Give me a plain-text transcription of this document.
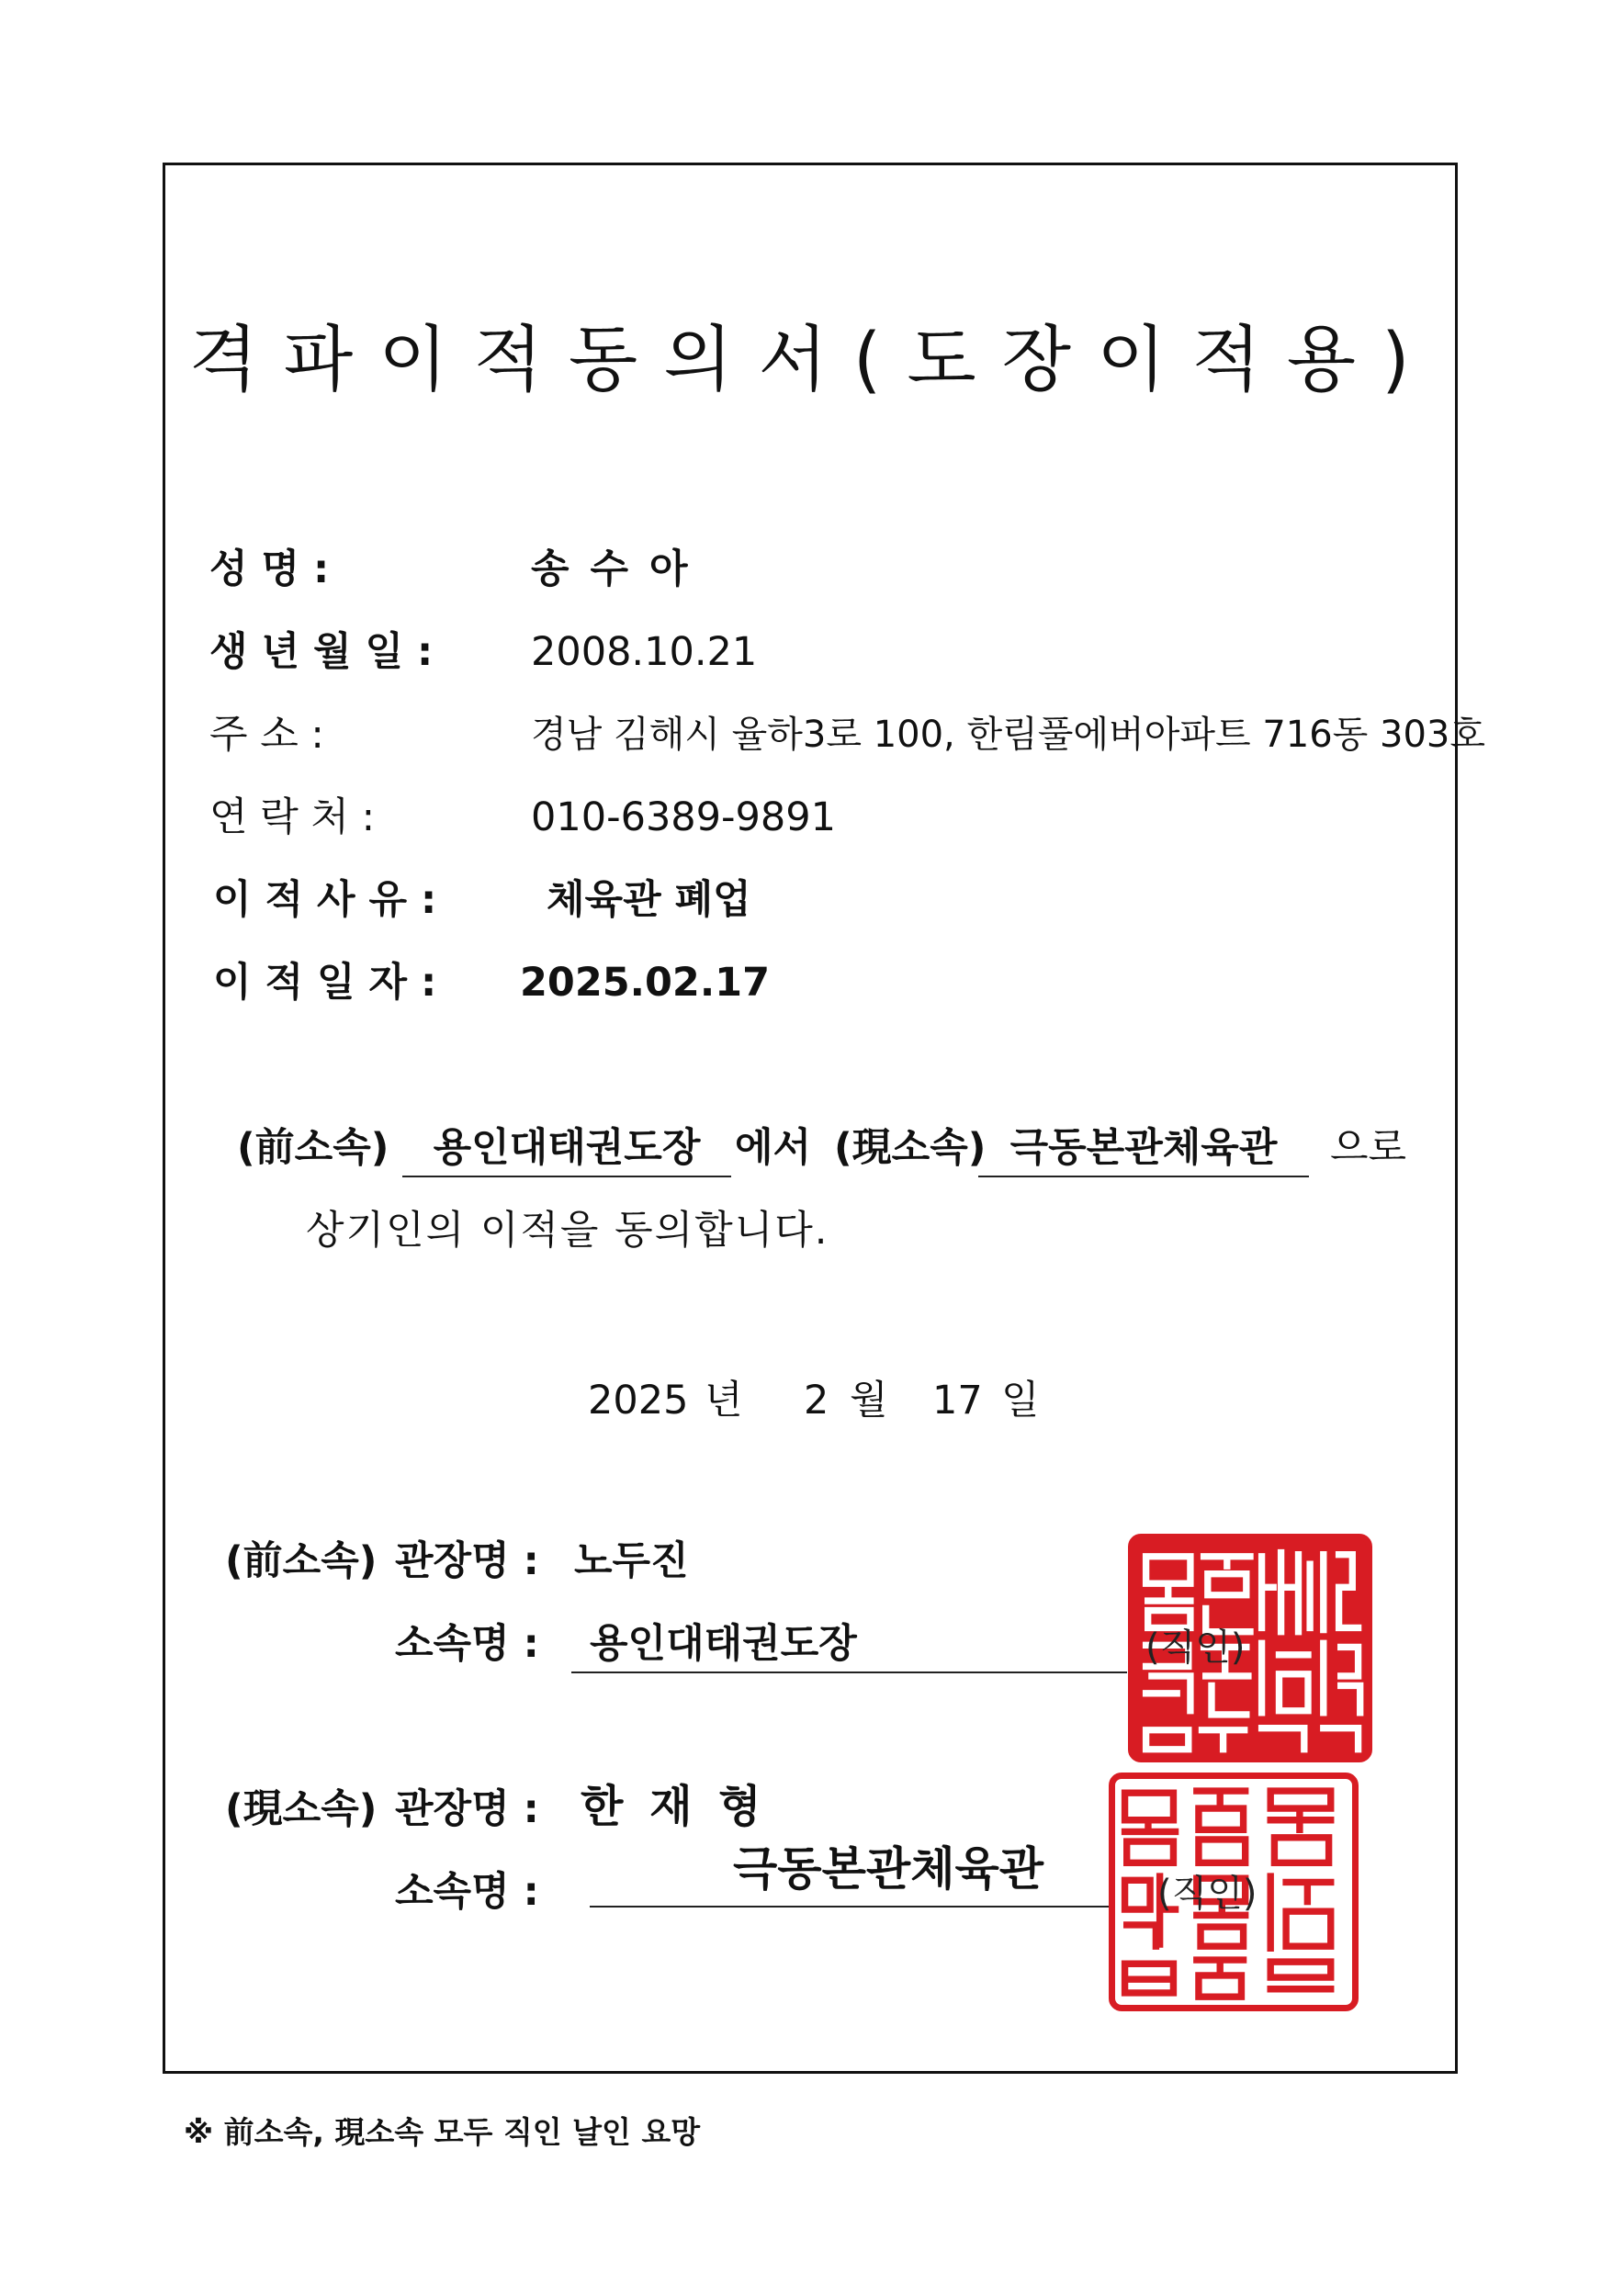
격파이적동의서(도장이적용)
성 명 :	송 수 아
생 년 월 일 : 2008.10.21
주 소 :	경남 김해시 율하3로 100, 한림풀에버아파트 716동 303호
연 락 처 :	010-6389-9891
이 적 사 유 :	체육관 폐업
이 적 일 자 : 2025.02.17
(前소속)	용인대태권도장 에서 (現소속) 극동본관체육관	으로
상기인의 이적을 동의합니다.
2025 년 2 월 17 일
(前소속) 관장명 : 노두진
소속명 :	용인대태권도장	(직인)
(現소속) 관장명 : 한 재 형
소속명 :	극동본관체육관	(직인)
※ 前소속, 現소속 모두 직인 날인 요망
